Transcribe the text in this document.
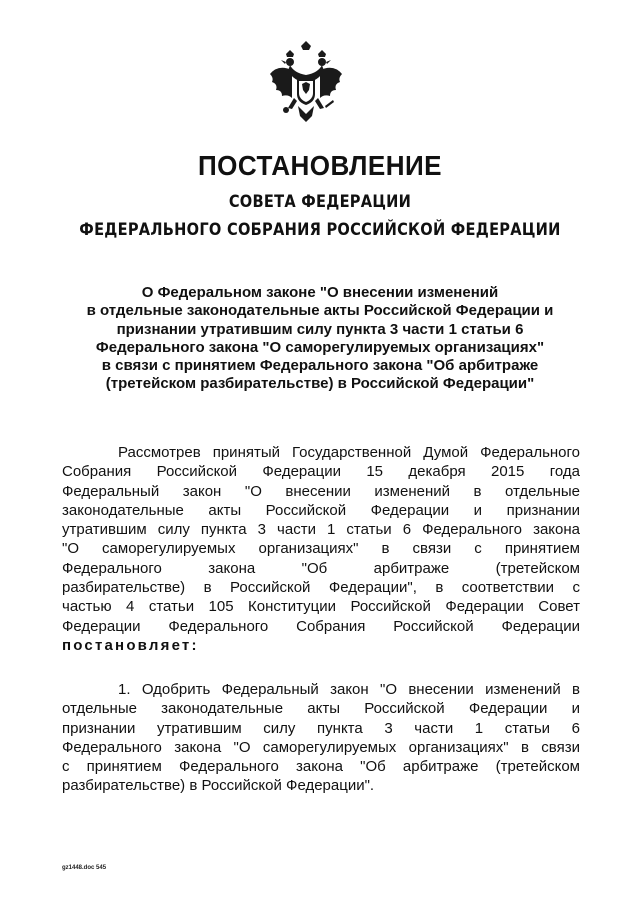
ПОСТАНОВЛЕНИЕ
СОВЕТА ФЕДЕРАЦИИ
ФЕДЕРАЛЬНОГО СОБРАНИЯ РОССИЙСКОЙ ФЕДЕРАЦИИ
О Федеральном законе "О внесении изменений
в отдельные законодательные акты Российской Федерации и
признании утратившим силу пункта 3 части 1 статьи 6
Федерального закона "О саморегулируемых организациях"
в связи с принятием Федерального закона "Об арбитраже
(третейском разбирательстве) в Российской Федерации"
Рассмотрев принятый Государственной Думой Федерального
Собрания Российской Федерации 15 декабря 2015 года
Федеральный закон "О внесении изменений в отдельные
законодательные акты Российской Федерации и признании
утратившим силу пункта 3 части 1 статьи 6 Федерального закона
"О саморегулируемых организациях" в связи с принятием
Федерального закона "Об арбитраже (третейском
разбирательстве) в Российской Федерации", в соответствии с
частью 4 статьи 105 Конституции Российской Федерации Совет
Федерации Федерального Собрания Российской Федерации
постановляет:
1. Одобрить Федеральный закон "О внесении изменений в
отдельные законодательные акты Российской Федерации и
признании утратившим силу пункта 3 части 1 статьи 6
Федерального закона "О саморегулируемых организациях" в связи
с принятием Федерального закона "Об арбитраже (третейском
разбирательстве) в Российской Федерации".
gz1448.doc 545
